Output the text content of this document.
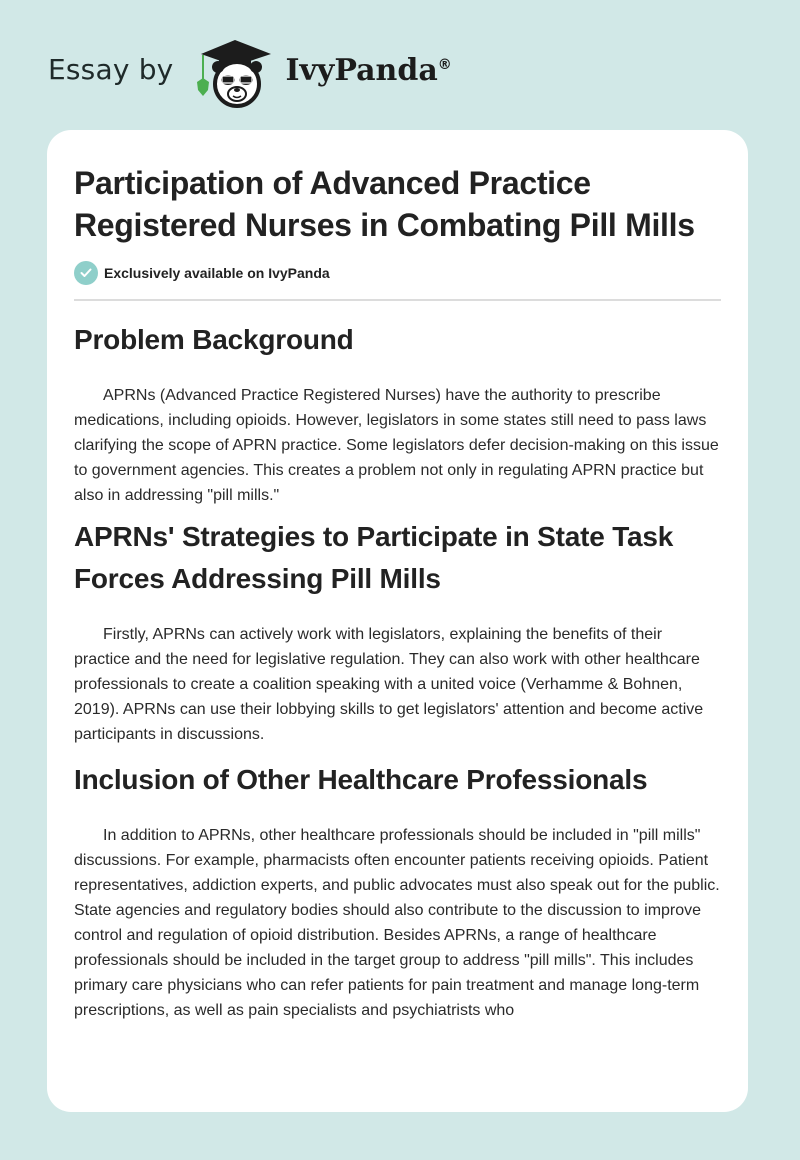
Essay by	IvyPanda®
Participation of Advanced Practice Registered Nurses in Combating Pill Mills
Exclusively available on IvyPanda
Problem Background

APRNs (Advanced Practice Registered Nurses) have the authority to prescribe medications, including opioids. However, legislators in some states still need to pass laws clarifying the scope of APRN practice. Some legislators defer decision-making on this issue to government agencies. This creates a problem not only in regulating APRN practice but also in addressing "pill mills."

APRNs' Strategies to Participate in State Task Forces Addressing Pill Mills

Firstly, APRNs can actively work with legislators, explaining the benefits of their practice and the need for legislative regulation. They can also work with other healthcare professionals to create a coalition speaking with a united voice (Verhamme & Bohnen, 2019). APRNs can use their lobbying skills to get legislators' attention and become active participants in discussions.

Inclusion of Other Healthcare Professionals

In addition to APRNs, other healthcare professionals should be included in "pill mills" discussions. For example, pharmacists often encounter patients receiving opioids. Patient representatives, addiction experts, and public advocates must also speak out for the public. State agencies and regulatory bodies should also contribute to the discussion to improve control and regulation of opioid distribution. Besides APRNs, a range of healthcare professionals should be included in the target group to address "pill mills". This includes primary care physicians who can refer patients for pain treatment and manage long-term prescriptions, as well as pain specialists and psychiatrists who
